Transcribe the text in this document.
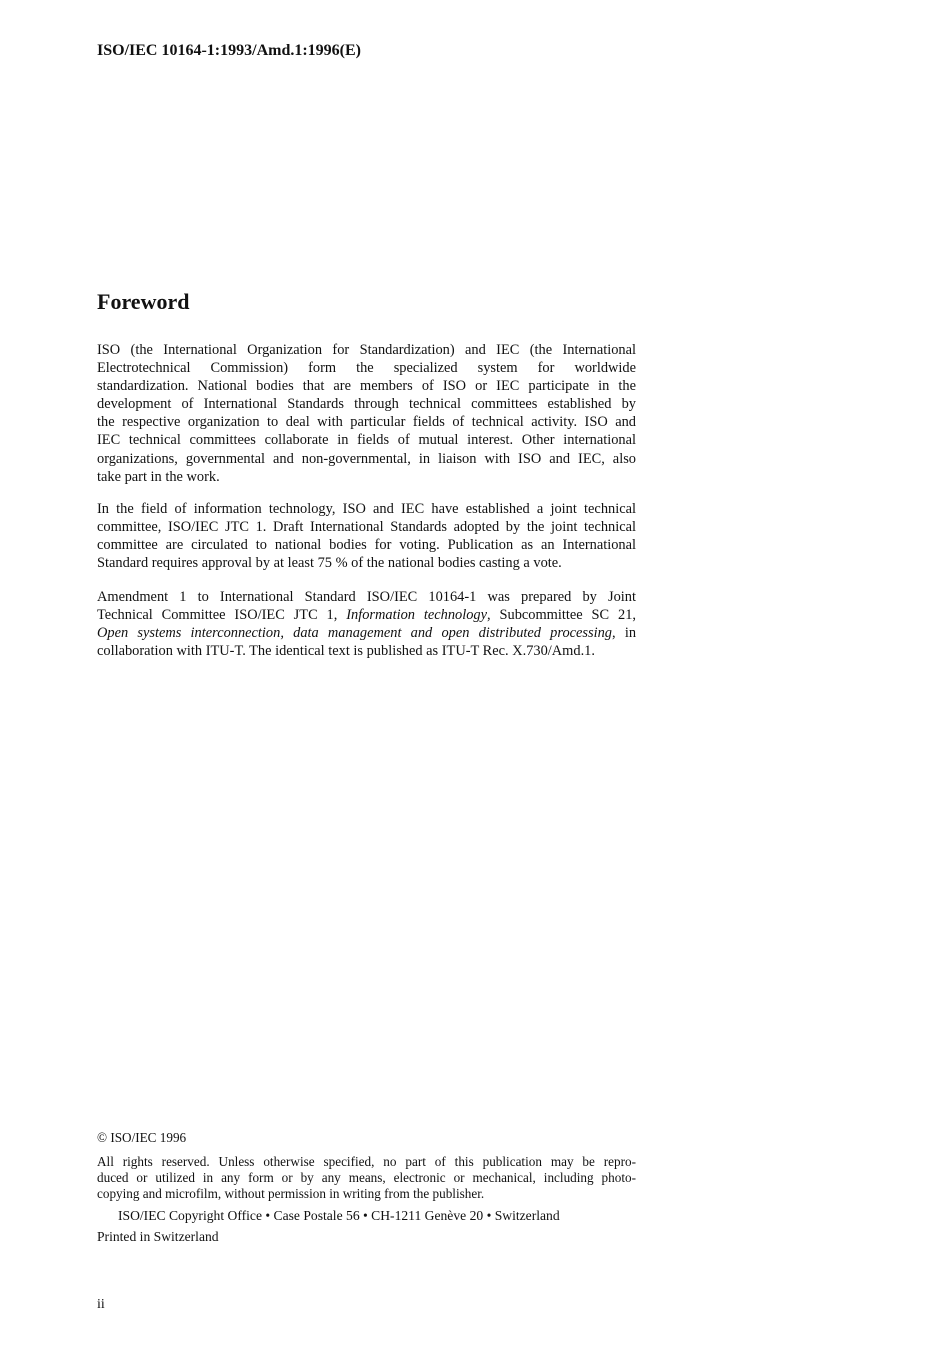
ISO/IEC 10164-1:1993/Amd.1:1996(E)
Foreword
ISO (the International Organization for Standardization) and IEC (the International
Electrotechnical Commission) form the specialized system for worldwide
standardization. National bodies that are members of ISO or IEC participate in the
development of International Standards through technical committees established by
the respective organization to deal with particular fields of technical activity. ISO and
IEC technical committees collaborate in fields of mutual interest. Other international
organizations, governmental and non-governmental, in liaison with ISO and IEC, also
take part in the work.
In the field of information technology, ISO and IEC have established a joint technical
committee, ISO/IEC JTC 1. Draft International Standards adopted by the joint technical
committee are circulated to national bodies for voting. Publication as an International
Standard requires approval by at least 75 % of the national bodies casting a vote.
Amendment 1 to International Standard ISO/IEC 10164-1 was prepared by Joint
Technical Committee ISO/IEC JTC 1, Information technology, Subcommittee SC 21,
Open systems interconnection, data management and open distributed processing, in
collaboration with ITU-T. The identical text is published as ITU-T Rec. X.730/Amd.1.
© ISO/IEC 1996
All rights reserved. Unless otherwise specified, no part of this publication may be repro-
duced or utilized in any form or by any means, electronic or mechanical, including photo-
copying and microfilm, without permission in writing from the publisher.
ISO/IEC Copyright Office • Case Postale 56 • CH-1211 Genève 20 • Switzerland
Printed in Switzerland
ii
